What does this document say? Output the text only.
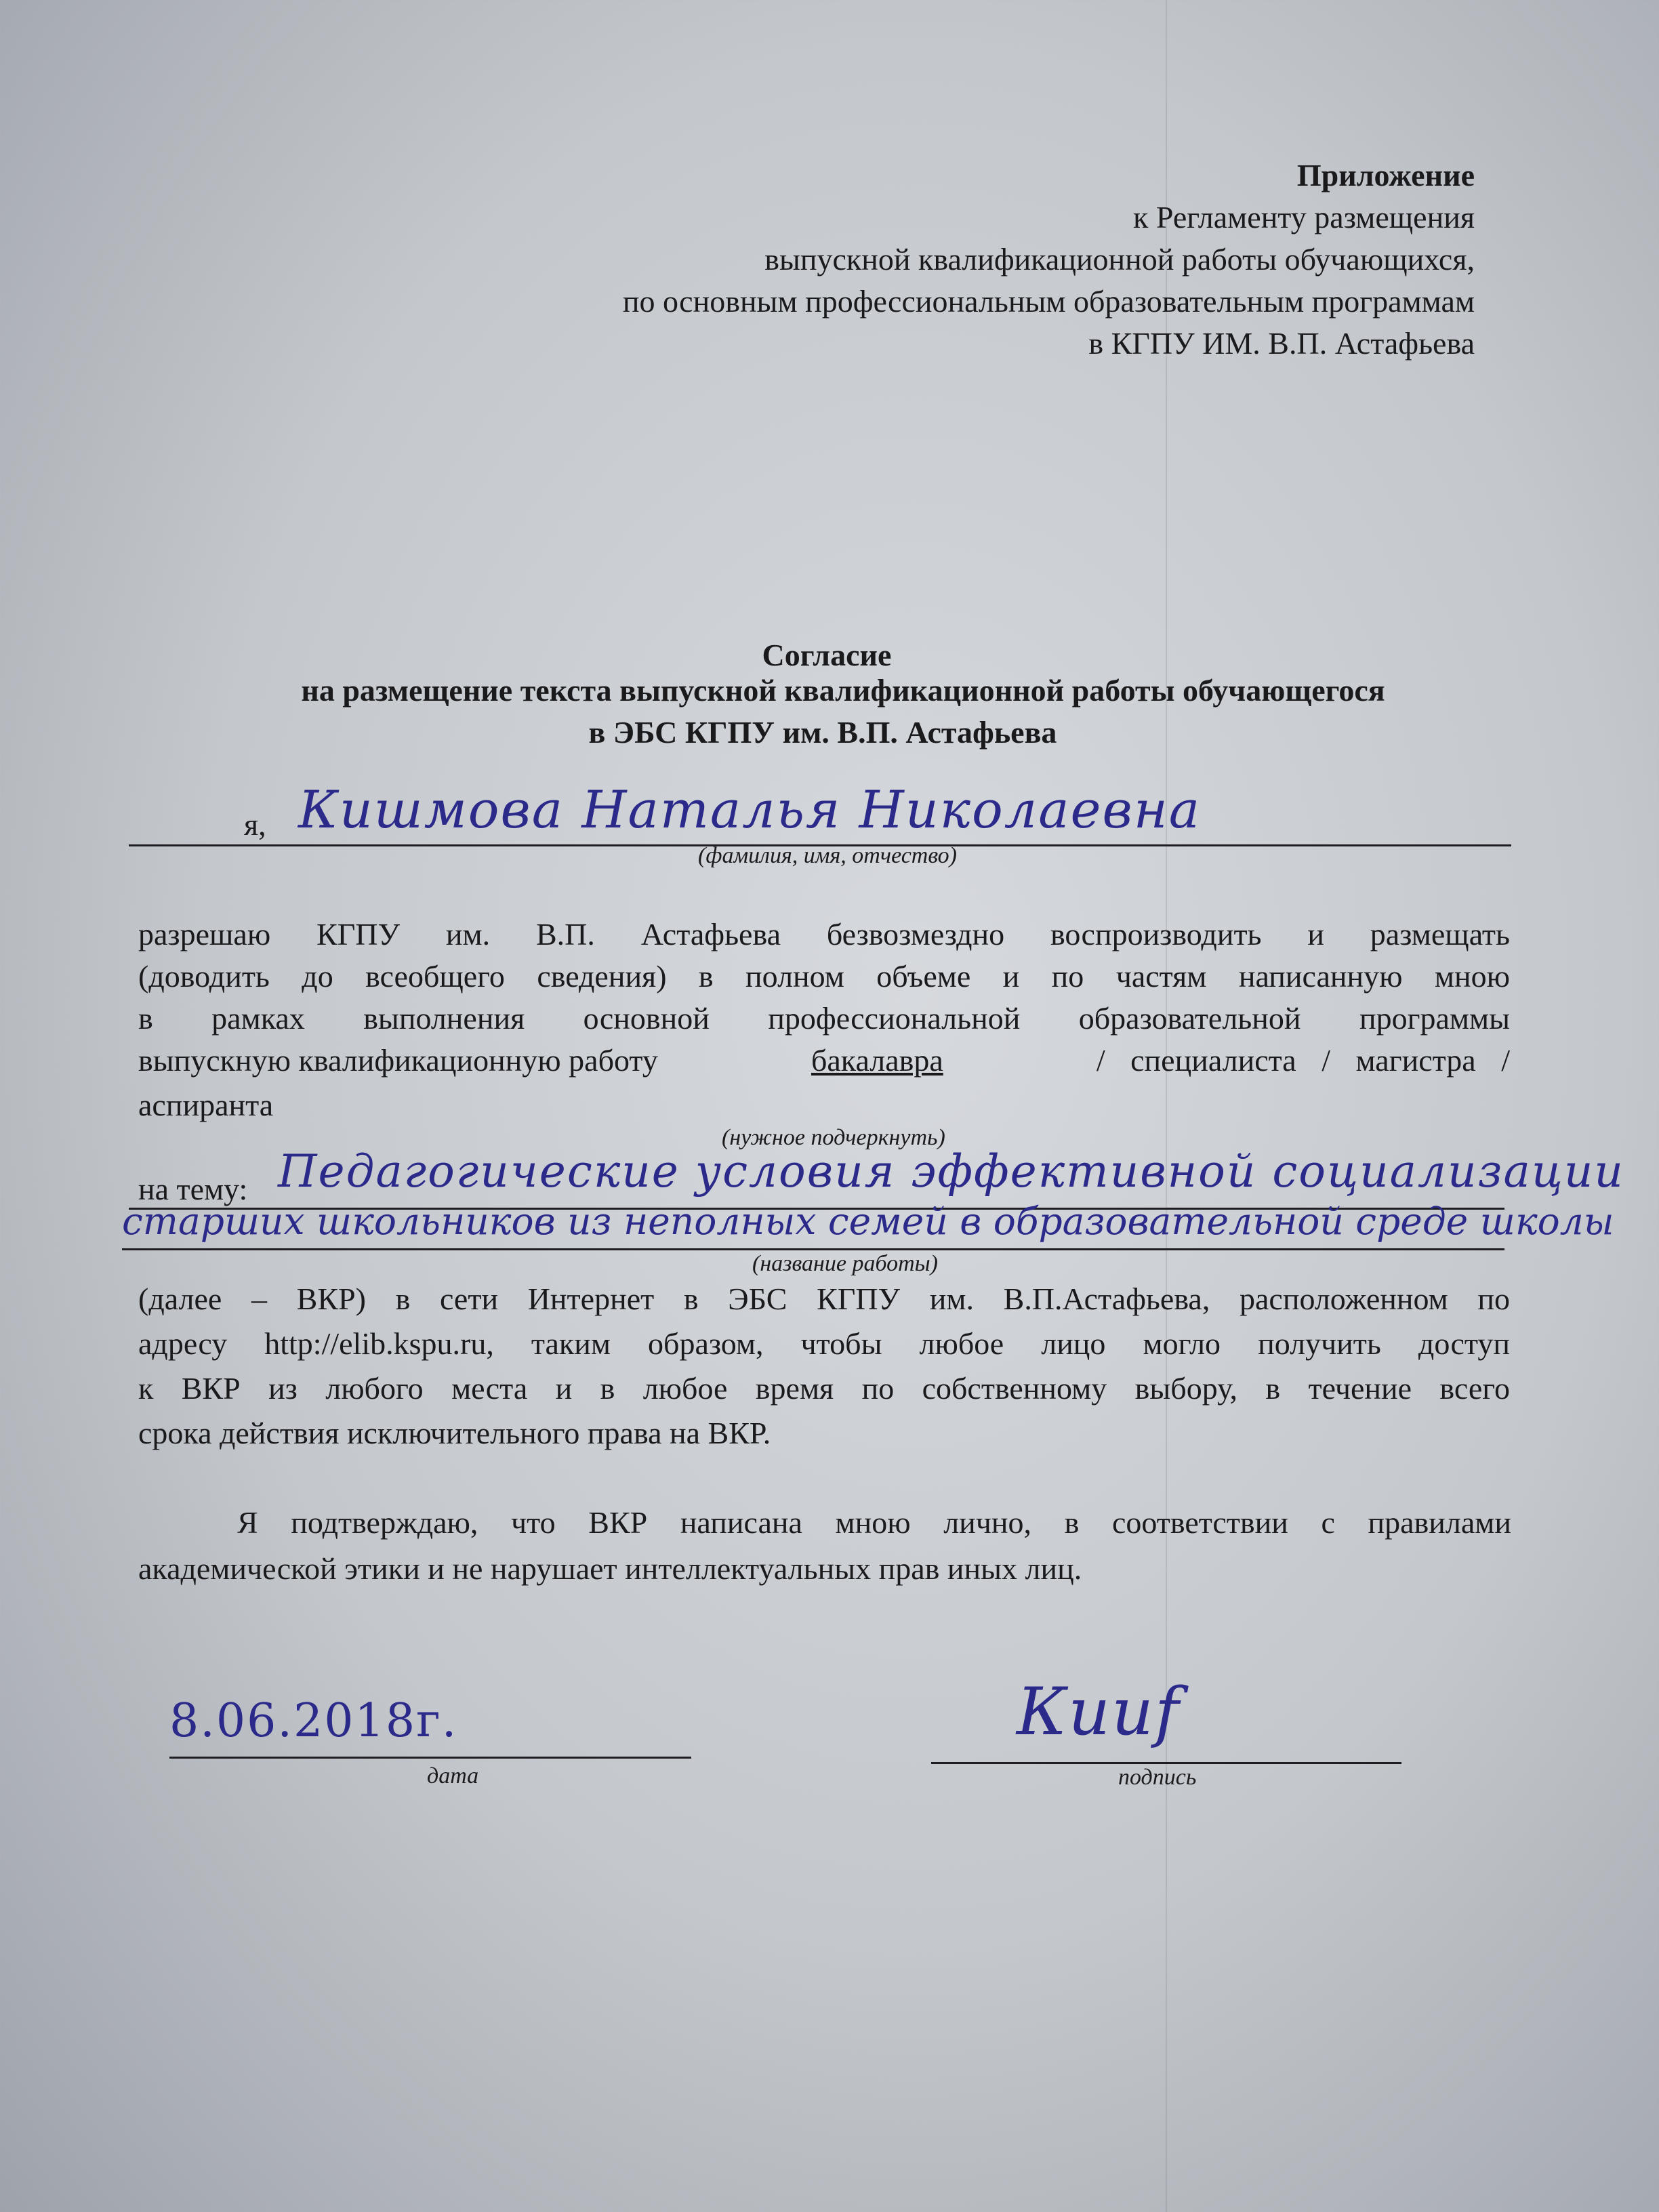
Приложение
к Регламенту размещения
выпускной квалификационной работы обучающихся,
по основным профессиональным образовательным программам
в КГПУ ИМ. В.П. Астафьева
Согласие
на размещение текста выпускной квалификационной работы обучающегося
в ЭБС КГПУ им. В.П. Астафьева
я, Кишмова Наталья Николаевна
(фамилия, имя, отчество)
разрешаю КГПУ им. В.П. Астафьева безвозмездно воспроизводить и размещать
(доводить до всеобщего сведения) в полном объеме и по частям написанную мною
в рамках выполнения основной профессиональной образовательной программы
выпускную квалификационную работу	бакалавра	/ специалиста / магистра /
аспиранта
(нужное подчеркнуть)
на тему: Педагогические условия эффективной социализации
старших школьников из неполных семей в образовательной среде школы
(название работы)
(далее – ВКР) в сети Интернет в ЭБС КГПУ им. В.П.Астафьева, расположенном по
адресу http://elib.kspu.ru, таким образом, чтобы любое лицо могло получить доступ
к ВКР из любого места и в любое время по собственному выбору, в течение всего
срока действия исключительного права на ВКР.
Я подтверждаю, что ВКР написана мною лично, в соответствии с правилами
академической этики и не нарушает интеллектуальных прав иных лиц.
8.06.2018г.
дата
Кииf
подпись
